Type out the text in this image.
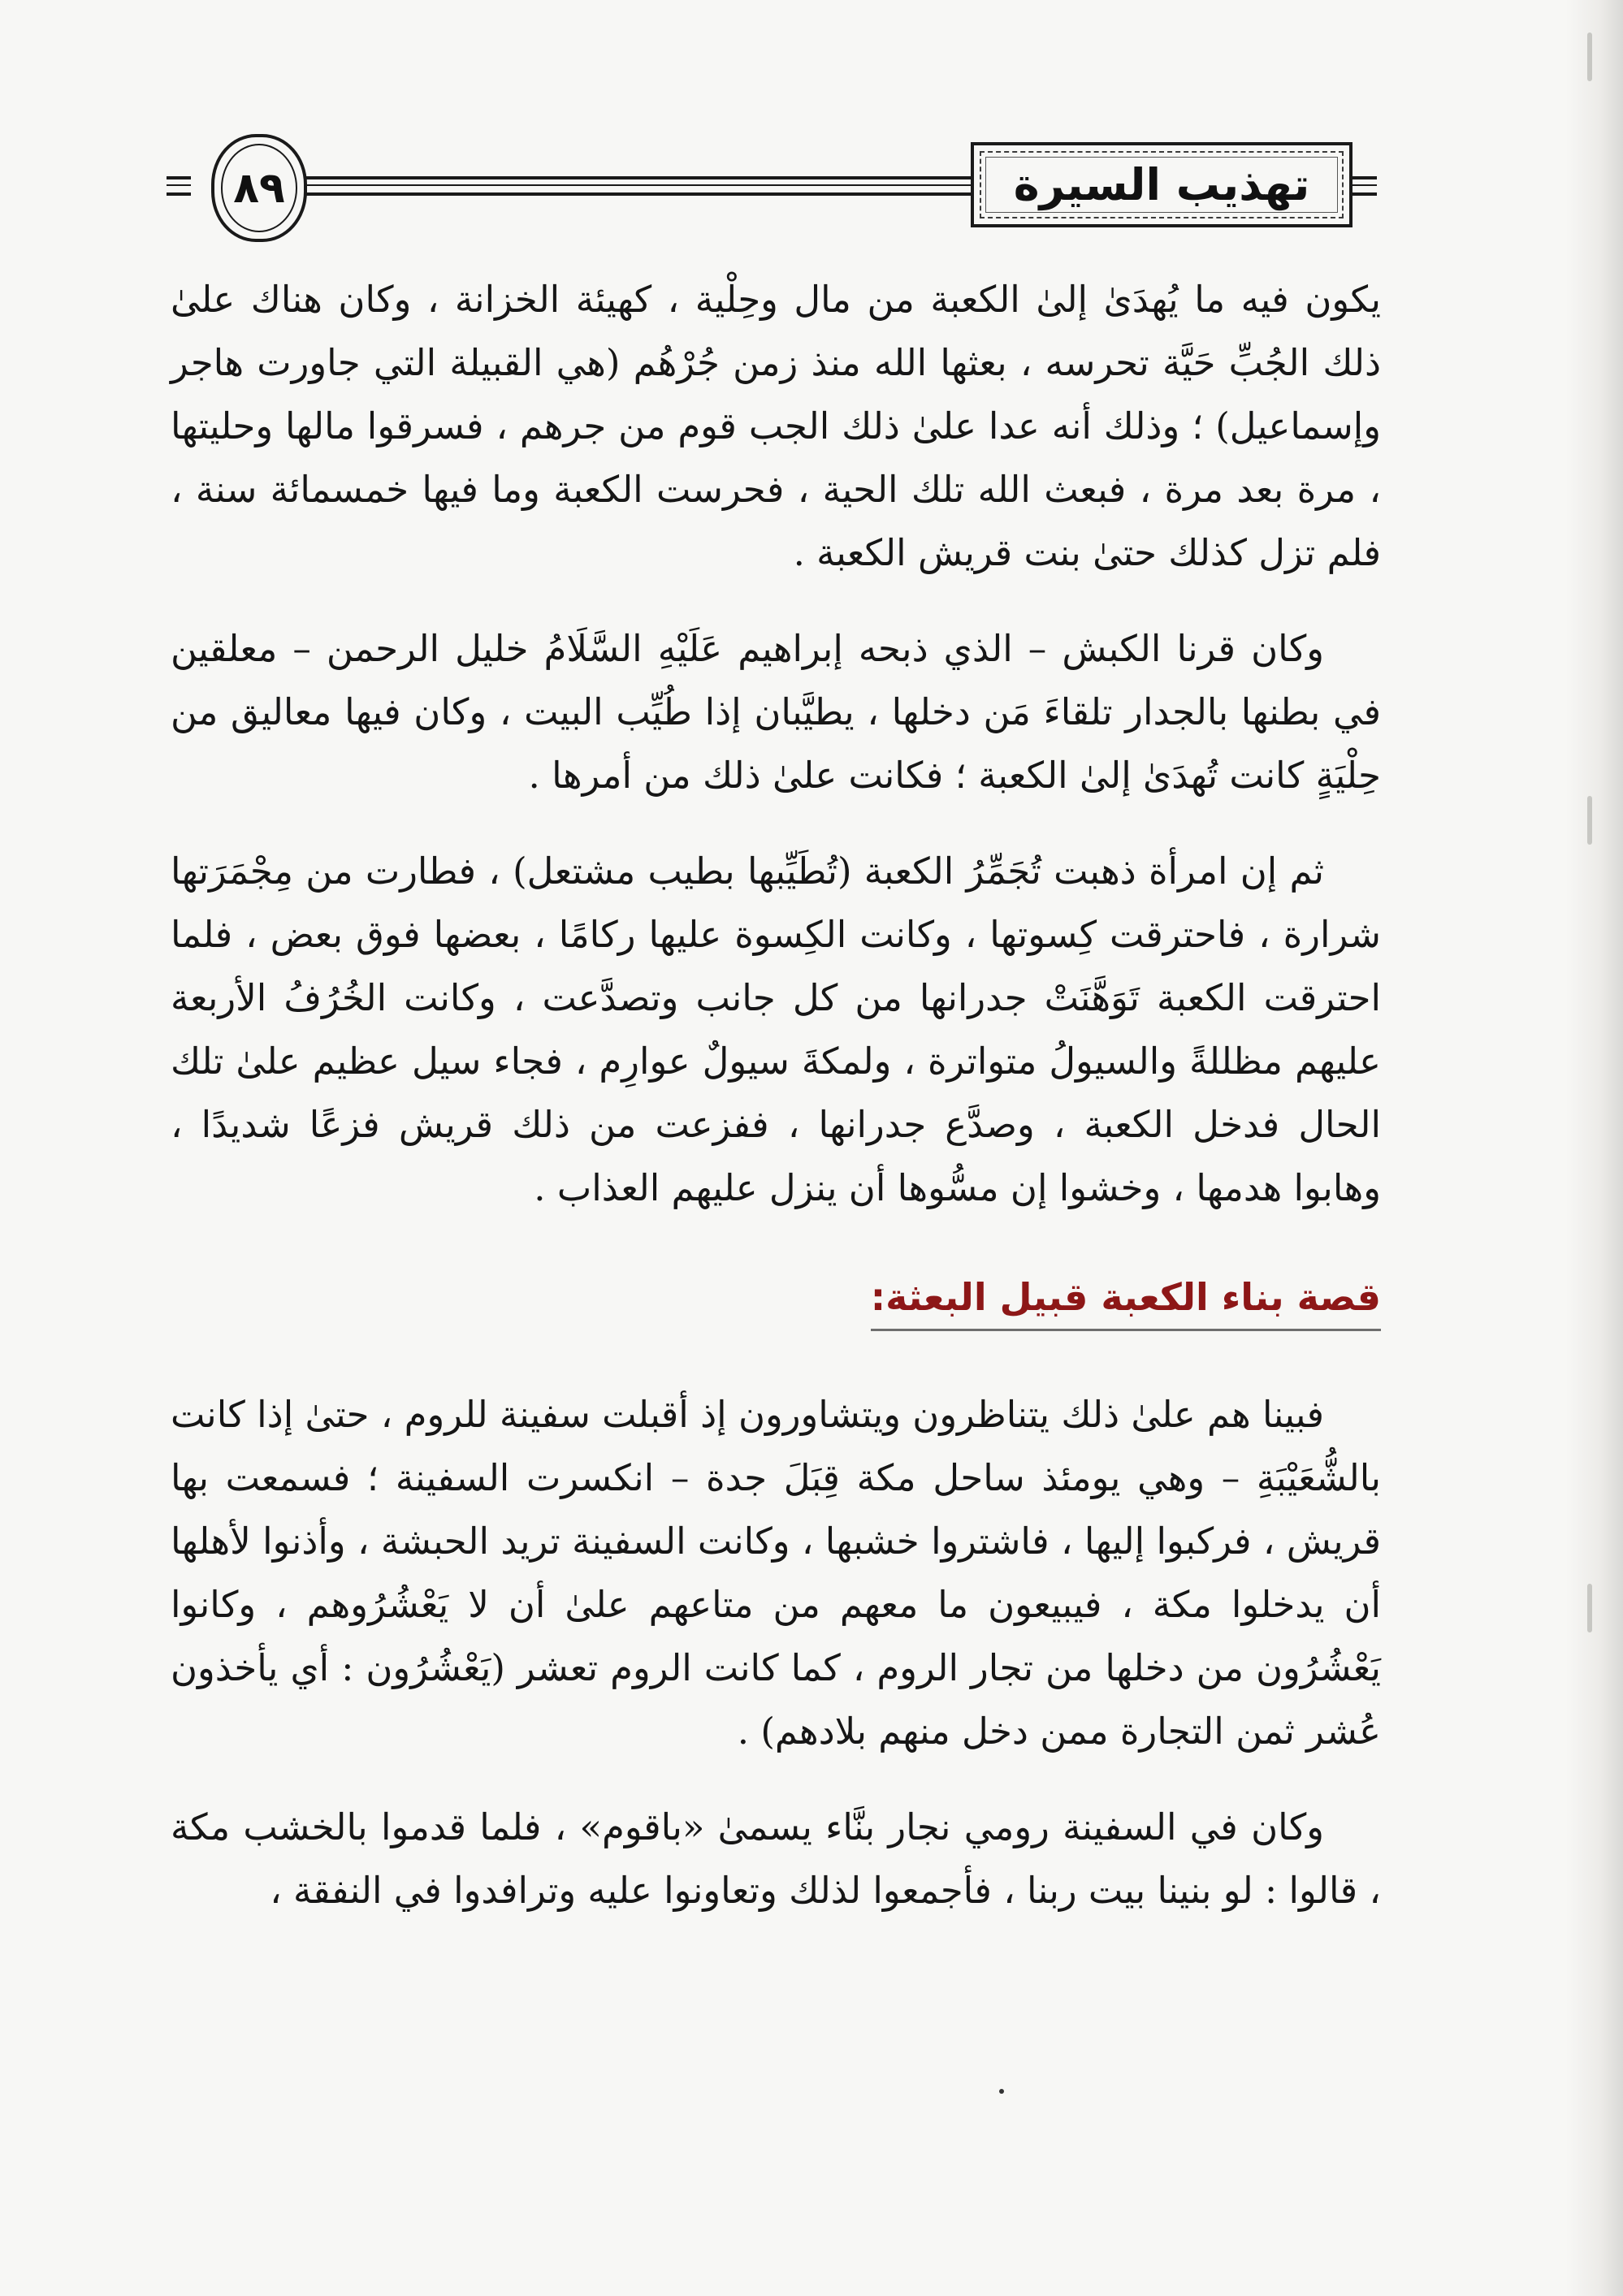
٨٩	تهذيب السيرة

يكون فيه ما يُهدَىٰ إلىٰ الكعبة من مال وحِلْية ، كهيئة الخزانة ، وكان هناك علىٰ ذلك الجُبِّ حَيَّة تحرسه ، بعثها الله منذ زمن جُرْهُم (هي القبيلة التي جاورت هاجر وإسماعيل) ؛ وذلك أنه عدا علىٰ ذلك الجب قوم من جرهم ، فسرقوا مالها وحليتها ، مرة بعد مرة ، فبعث الله تلك الحية ، فحرست الكعبة وما فيها خمسمائة سنة ، فلم تزل كذلك حتىٰ بنت قريش الكعبة .

وكان قرنا الكبش – الذي ذبحه إبراهيم عَلَيْهِ السَّلَامُ خليل الرحمن – معلقين في بطنها بالجدار تلقاءَ مَن دخلها ، يطيَّبان إذا طُيِّب البيت ، وكان فيها معاليق من حِلْيَةٍ كانت تُهدَىٰ إلىٰ الكعبة ؛ فكانت علىٰ ذلك من أمرها .

ثم إن امرأة ذهبت تُجَمِّرُ الكعبة (تُطَيِّبها بطيب مشتعل) ، فطارت من مِجْمَرَتها شرارة ، فاحترقت كِسوتها ، وكانت الكِسوة عليها ركامًا ، بعضها فوق بعض ، فلما احترقت الكعبة تَوَهَّنَتْ جدرانها من كل جانب وتصدَّعت ، وكانت الخُرُفُ الأربعة عليهم مظللةً والسيولُ متواترة ، ولمكةَ سيولٌ عوارِم ، فجاء سيل عظيم علىٰ تلك الحال فدخل الكعبة ، وصدَّع جدرانها ، ففزعت من ذلك قريش فزعًا شديدًا ، وهابوا هدمها ، وخشوا إن مسُّوها أن ينزل عليهم العذاب .

قصة بناء الكعبة قبيل البعثة:

فبينا هم علىٰ ذلك يتناظرون ويتشاورون إذ أقبلت سفينة للروم ، حتىٰ إذا كانت بالشُّعَيْبَةِ – وهي يومئذ ساحل مكة قِبَلَ جدة – انكسرت السفينة ؛ فسمعت بها قريش ، فركبوا إليها ، فاشتروا خشبها ، وكانت السفينة تريد الحبشة ، وأذنوا لأهلها أن يدخلوا مكة ، فيبيعون ما معهم من متاعهم علىٰ أن لا يَعْشُرُوهم ، وكانوا يَعْشُرُون من دخلها من تجار الروم ، كما كانت الروم تعشر (يَعْشُرُون : أي يأخذون عُشر ثمن التجارة ممن دخل منهم بلادهم) .

وكان في السفينة رومي نجار بنَّاء يسمىٰ «باقوم» ، فلما قدموا بالخشب مكة ، قالوا : لو بنينا بيت ربنا ، فأجمعوا لذلك وتعاونوا عليه وترافدوا في النفقة ،
